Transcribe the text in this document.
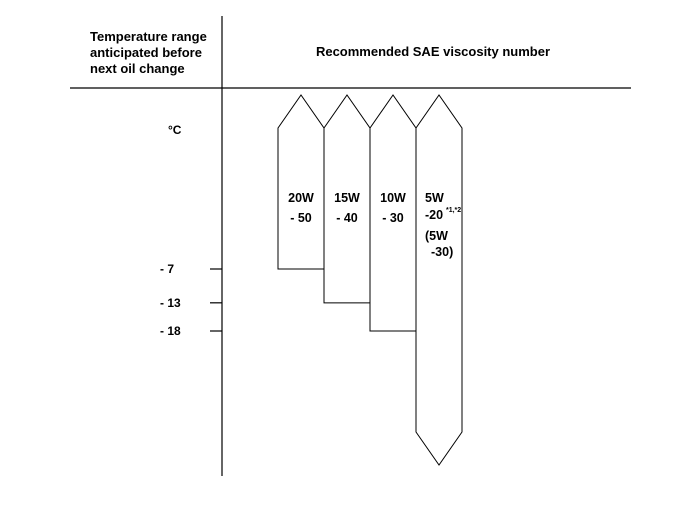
Temperature range
anticipated before
next oil change
Recommended SAE viscosity number
°C
- 7
- 13
- 18
20W
- 50
15W
- 40
10W
- 30
5W
-20
(5W
-30)
*1,*2
